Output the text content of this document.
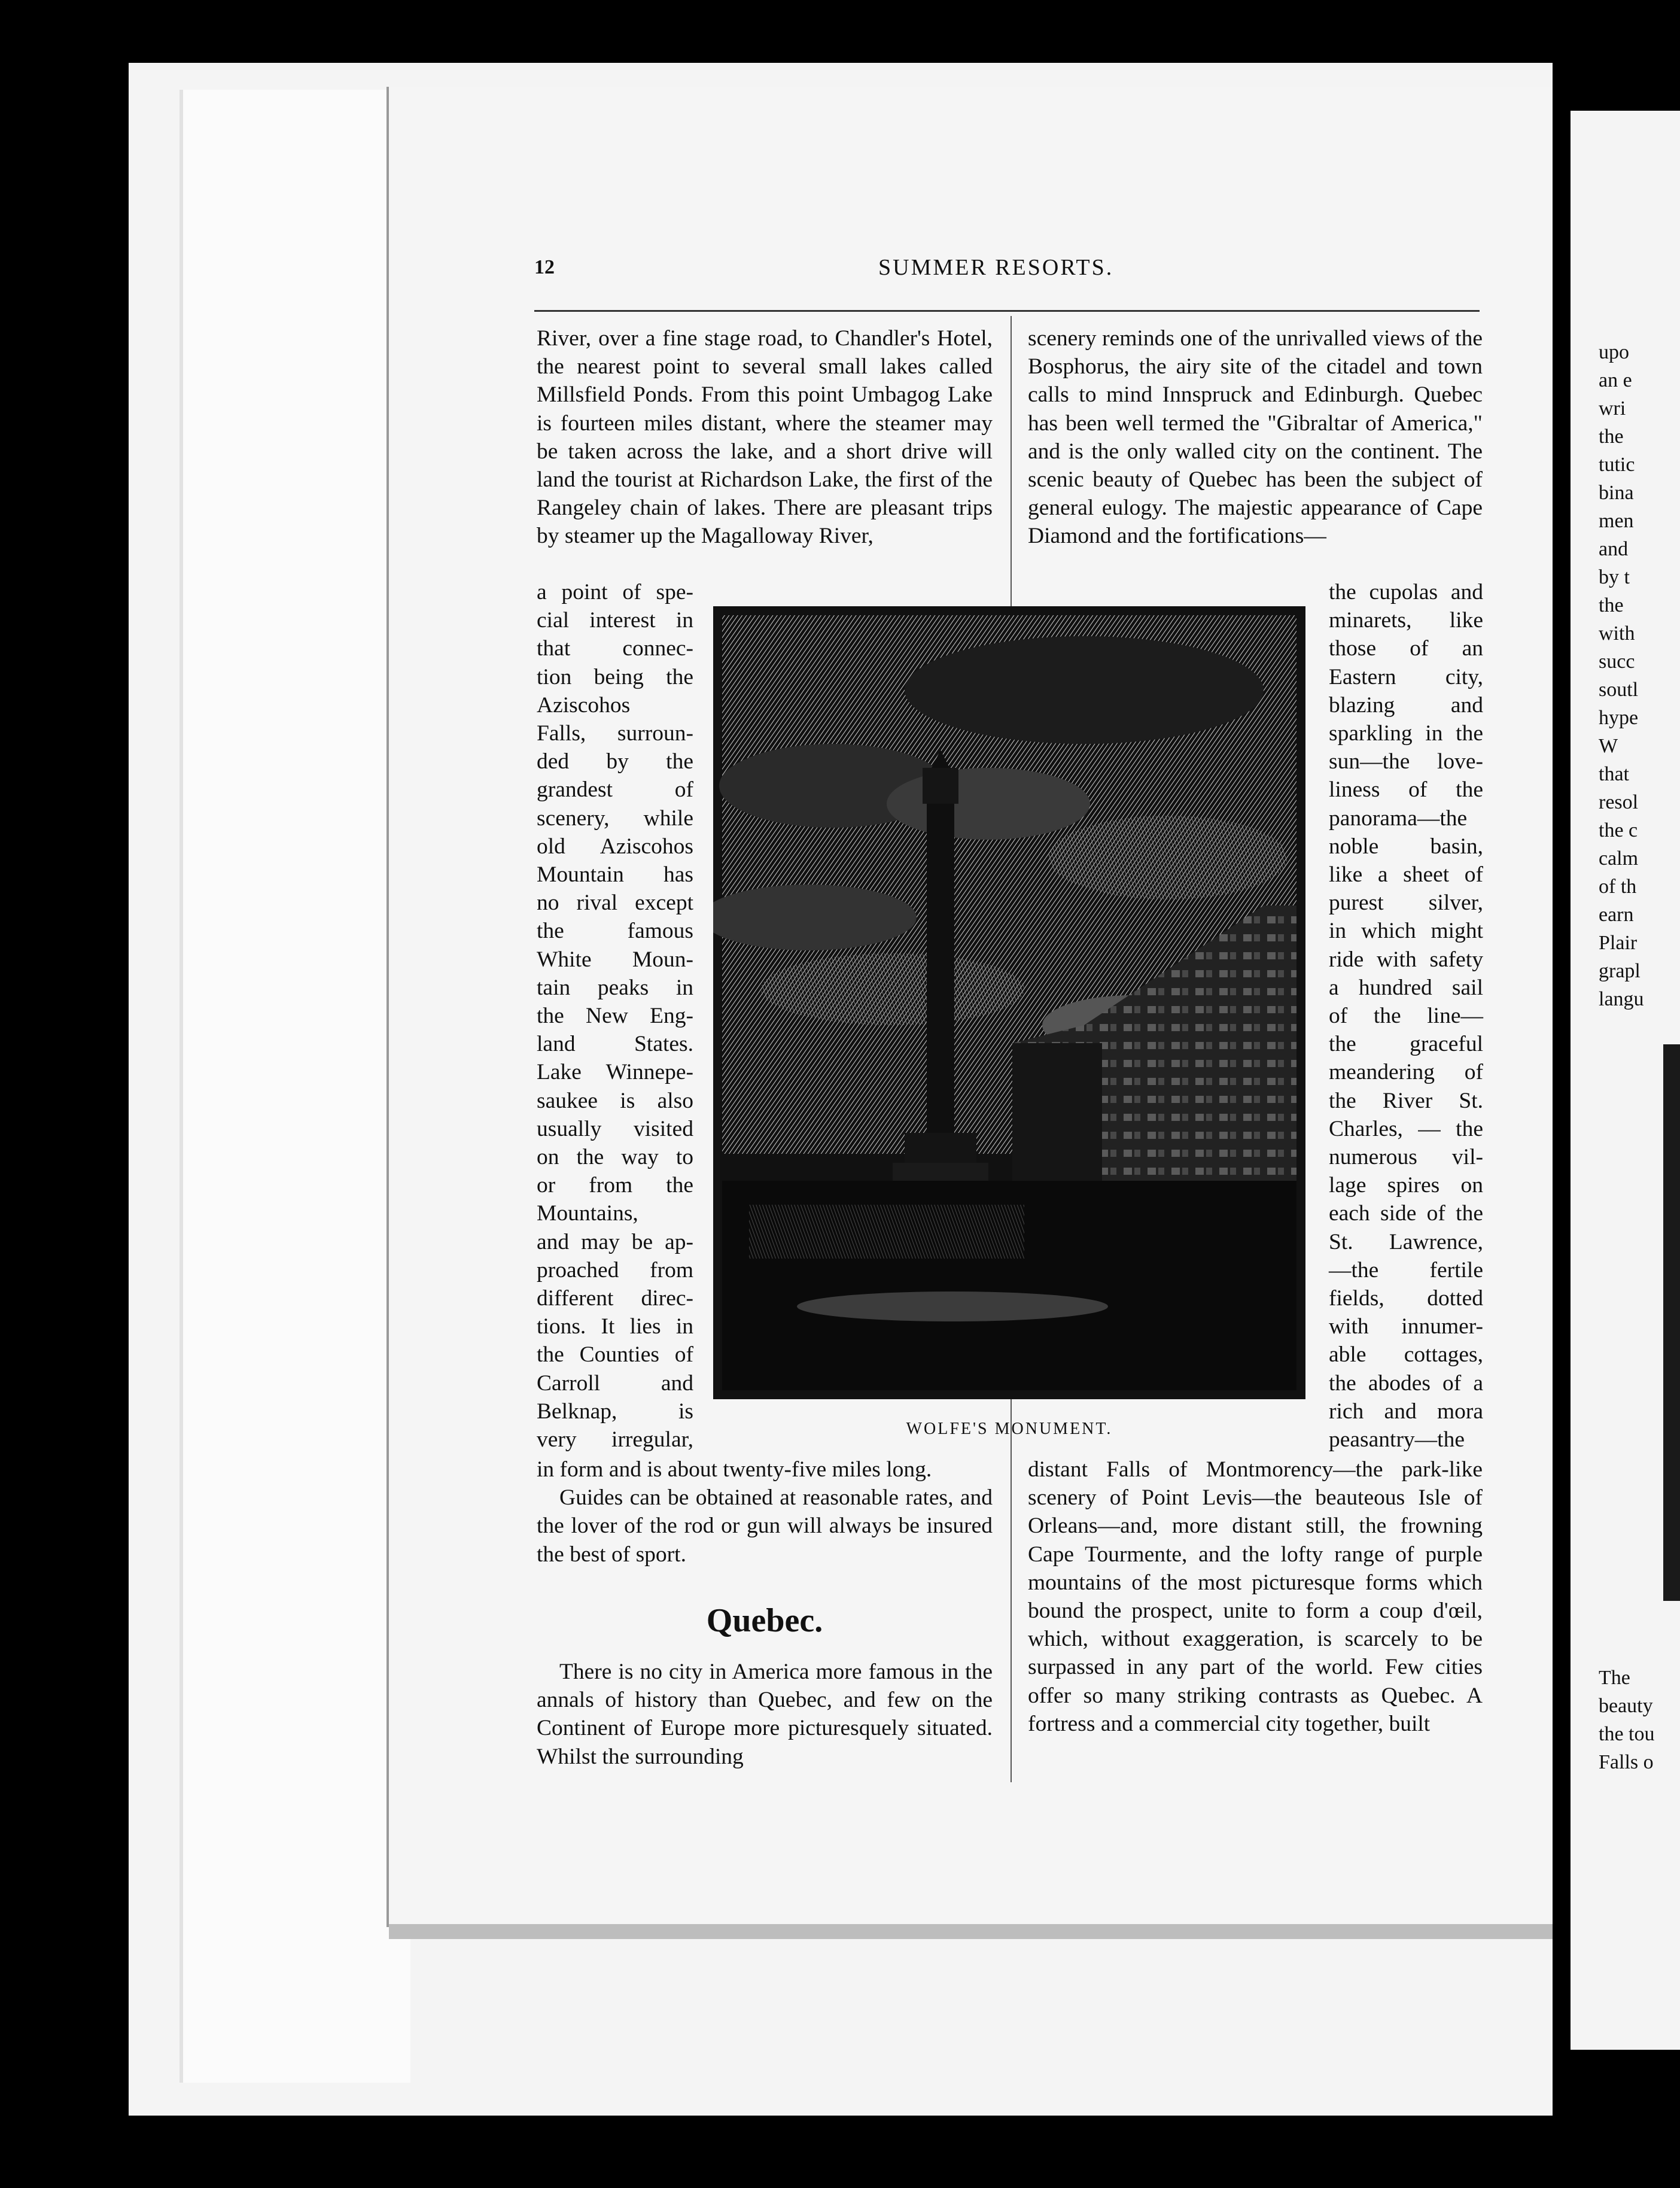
upo
an e
wri
the
tutic
bina
men
and
by t
the
with
succ
soutl
hype
W
that
resol
the c
calm
of th
earn
Plair
grapl
langu
The
beauty
the tou
Falls o
12	SUMMER RESORTS.

River, over a fine stage road, to Chandler's Hotel, the nearest point to several small lakes called Millsfield Ponds. From this point Umbagog Lake is fourteen miles distant, where the steamer may be taken across the lake, and a short drive will land the tourist at Richardson Lake, the first of the Rangeley chain of lakes. There are pleasant trips by steamer up the Magalloway River,

a point of spe-
cial interest in
that connec-
tion being the
Aziscohos
Falls, surroun-
ded by the
grandest of
scenery, while
old Aziscohos
Mountain has
no rival except
the famous
White Moun-
tain peaks in
the New Eng-
land States.
Lake Winnepe-
saukee is also
usually visited
on the way to
or from the
Mountains,
and may be ap-
proached from
different direc-
tions. It lies in
the Counties of
Carroll and
Belknap, is
very irregular,	WOLFE'S MONUMENT.
the cupolas and
minarets, like
those of an
Eastern city,
blazing and
sparkling in the
sun—the love-
liness of the
panorama—the
noble basin,
like a sheet of
purest silver,
in which might
ride with safety
a hundred sail
of the line—
the graceful
meandering of
the River St.
Charles, — the
numerous vil-
lage spires on
each side of the
St. Lawrence,
—the fertile
fields, dotted
with innumer-
able cottages,
the abodes of a
rich and mora
peasantry—the

in form and is about twenty-five miles long.

Guides can be obtained at reasonable rates, and the lover of the rod or gun will always be insured the best of sport.

Quebec.

There is no city in America more famous in the annals of history than Quebec, and few on the Continent of Europe more picturesquely situated. Whilst the surrounding

scenery reminds one of the unrivalled views of the Bosphorus, the airy site of the citadel and town calls to mind Innspruck and Edinburgh. Quebec has been well termed the "Gibraltar of America," and is the only walled city on the continent. The scenic beauty of Quebec has been the subject of general eulogy. The majestic appearance of Cape Diamond and the fortifications—

distant Falls of Montmorency—the park-like scenery of Point Levis—the beauteous Isle of Orleans—and, more distant still, the frowning Cape Tourmente, and the lofty range of purple mountains of the most picturesque forms which bound the prospect, unite to form a coup d'œil, which, without exaggeration, is scarcely to be surpassed in any part of the world. Few cities offer so many striking contrasts as Quebec. A fortress and a commercial city together, built
